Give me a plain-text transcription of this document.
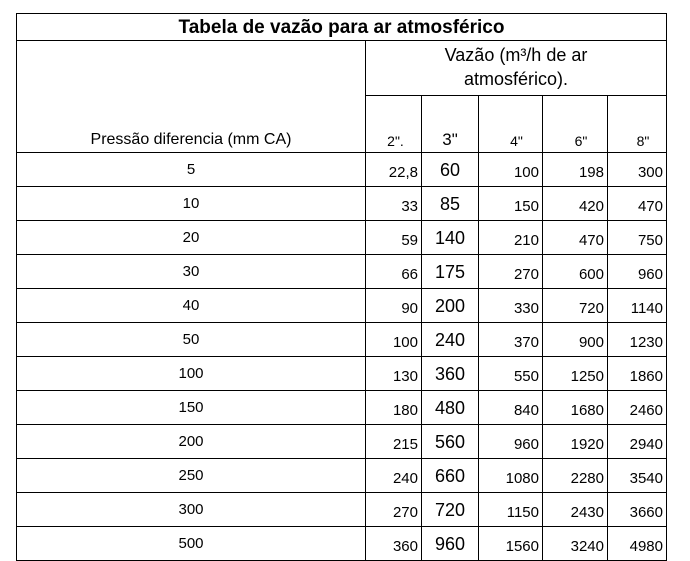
Tabela de vazão para ar atmosférico					
Pressão diferencia (mm CA)	Vazão (m³/h de ar
atmosférico).				

	2".	3"	4"	6"	8"
5	22,8	60	100	198	300
10	33	85	150	420	470
20	59	140	210	470	750
30	66	175	270	600	960
40	90	200	330	720	1140
50	100	240	370	900	1230
100	130	360	550	1250	1860
150	180	480	840	1680	2460
200	215	560	960	1920	2940
250	240	660	1080	2280	3540
300	270	720	1150	2430	3660
500	360	960	1560	3240	4980
